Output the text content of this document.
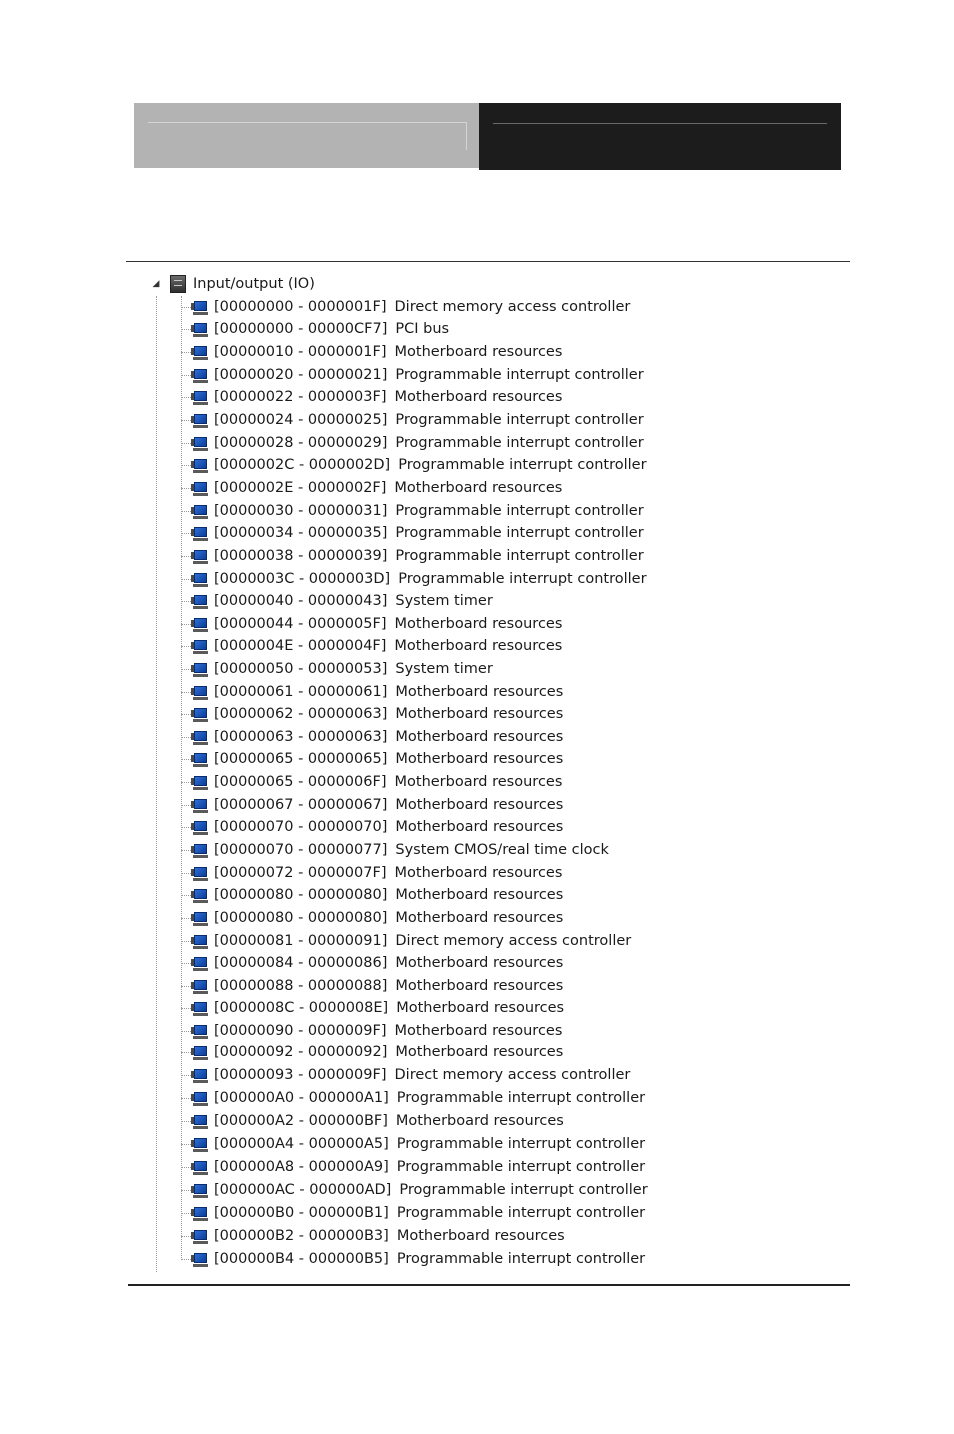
◢ Input/output (IO)
[00000000 - 0000001F] Direct memory access controller
[00000000 - 00000CF7] PCI bus
[00000010 - 0000001F] Motherboard resources
[00000020 - 00000021] Programmable interrupt controller
[00000022 - 0000003F] Motherboard resources
[00000024 - 00000025] Programmable interrupt controller
[00000028 - 00000029] Programmable interrupt controller
[0000002C - 0000002D] Programmable interrupt controller
[0000002E - 0000002F] Motherboard resources
[00000030 - 00000031] Programmable interrupt controller
[00000034 - 00000035] Programmable interrupt controller
[00000038 - 00000039] Programmable interrupt controller
[0000003C - 0000003D] Programmable interrupt controller
[00000040 - 00000043] System timer
[00000044 - 0000005F] Motherboard resources
[0000004E - 0000004F] Motherboard resources
[00000050 - 00000053] System timer
[00000061 - 00000061] Motherboard resources
[00000062 - 00000063] Motherboard resources
[00000063 - 00000063] Motherboard resources
[00000065 - 00000065] Motherboard resources
[00000065 - 0000006F] Motherboard resources
[00000067 - 00000067] Motherboard resources
[00000070 - 00000070] Motherboard resources
[00000070 - 00000077] System CMOS/real time clock
[00000072 - 0000007F] Motherboard resources
[00000080 - 00000080] Motherboard resources
[00000080 - 00000080] Motherboard resources
[00000081 - 00000091] Direct memory access controller
[00000084 - 00000086] Motherboard resources
[00000088 - 00000088] Motherboard resources
[0000008C - 0000008E] Motherboard resources
[00000090 - 0000009F] Motherboard resources
[00000092 - 00000092] Motherboard resources
[00000093 - 0000009F] Direct memory access controller
[000000A0 - 000000A1] Programmable interrupt controller
[000000A2 - 000000BF] Motherboard resources
[000000A4 - 000000A5] Programmable interrupt controller
[000000A8 - 000000A9] Programmable interrupt controller
[000000AC - 000000AD] Programmable interrupt controller
[000000B0 - 000000B1] Programmable interrupt controller
[000000B2 - 000000B3] Motherboard resources
[000000B4 - 000000B5] Programmable interrupt controller
